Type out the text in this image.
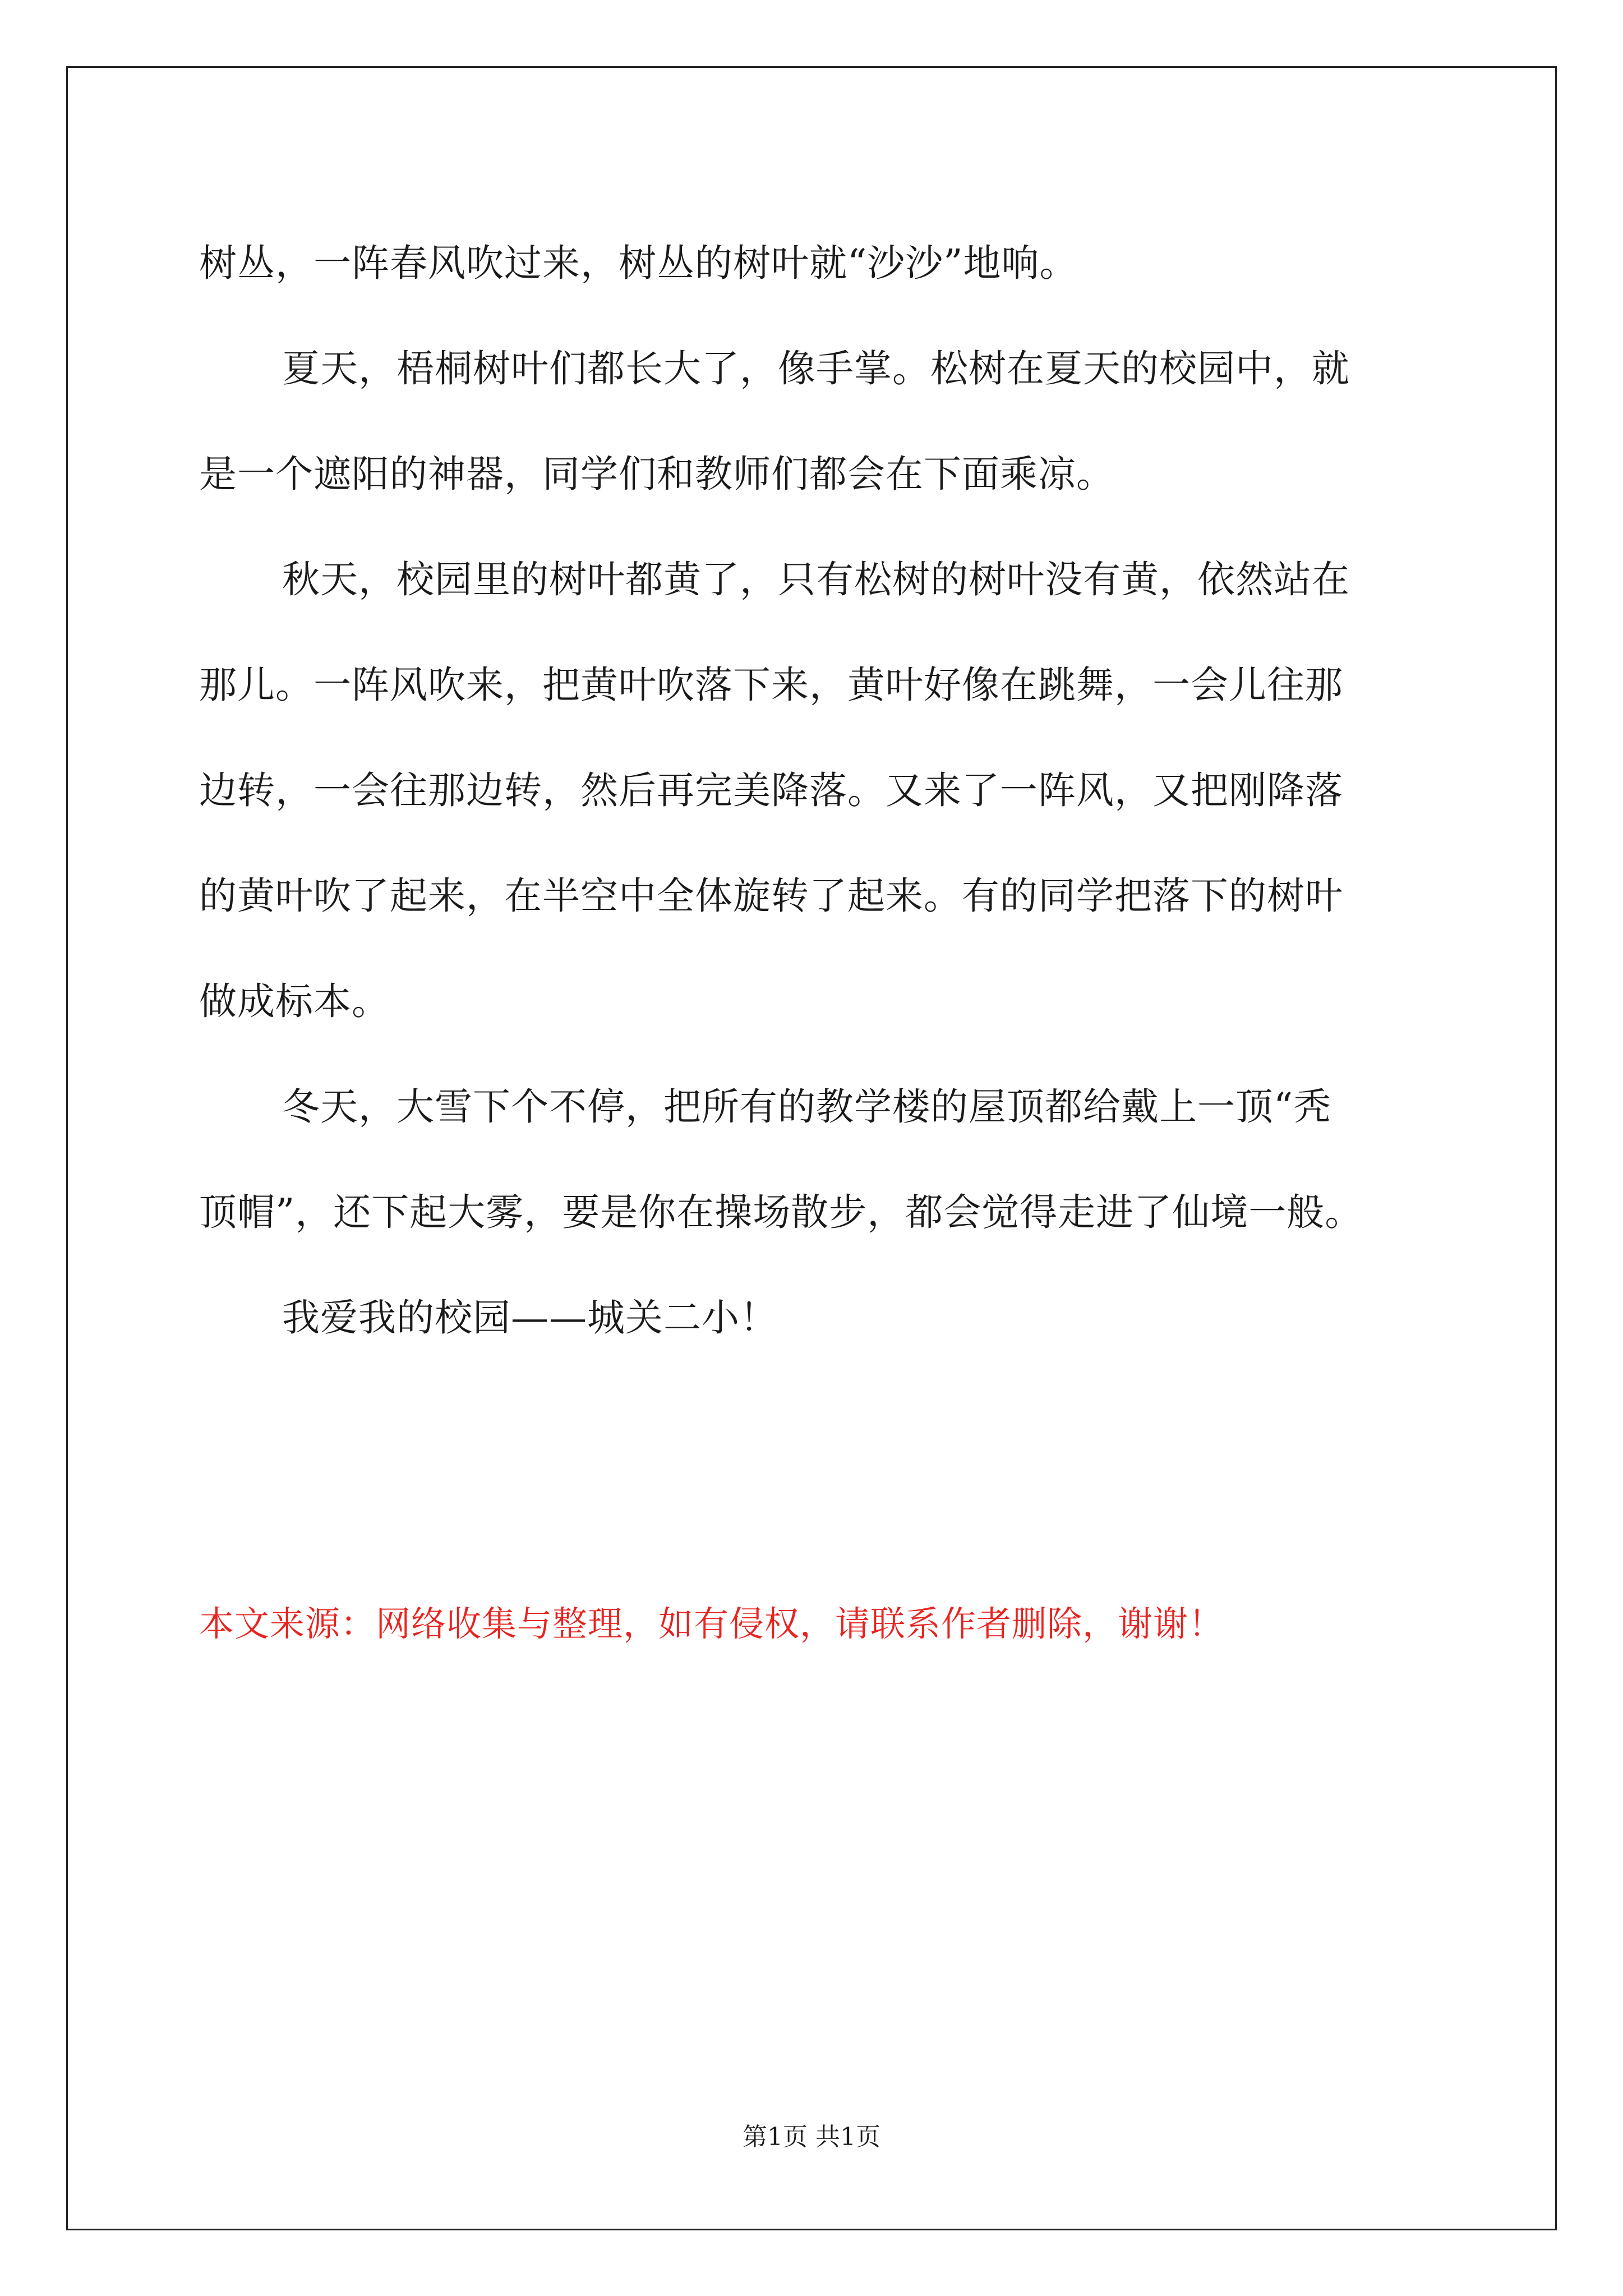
树丛，一阵春风吹过来，树丛的树叶就“沙沙”地响。

夏天，梧桐树叶们都长大了，像手掌。松树在夏天的校园中，就

是一个遮阳的神器，同学们和教师们都会在下面乘凉。

秋天，校园里的树叶都黄了，只有松树的树叶没有黄，依然站在

那儿。一阵风吹来，把黄叶吹落下来，黄叶好像在跳舞，一会儿往那

边转，一会往那边转，然后再完美降落。又来了一阵风，又把刚降落

的黄叶吹了起来，在半空中全体旋转了起来。有的同学把落下的树叶

做成标本。

冬天，大雪下个不停，把所有的教学楼的屋顶都给戴上一顶“秃

顶帽”，还下起大雾，要是你在操场散步，都会觉得走进了仙境一般。

我爱我的校园——城关二小！

本文来源：网络收集与整理，如有侵权，请联系作者删除，谢谢！

第1页 共1页
